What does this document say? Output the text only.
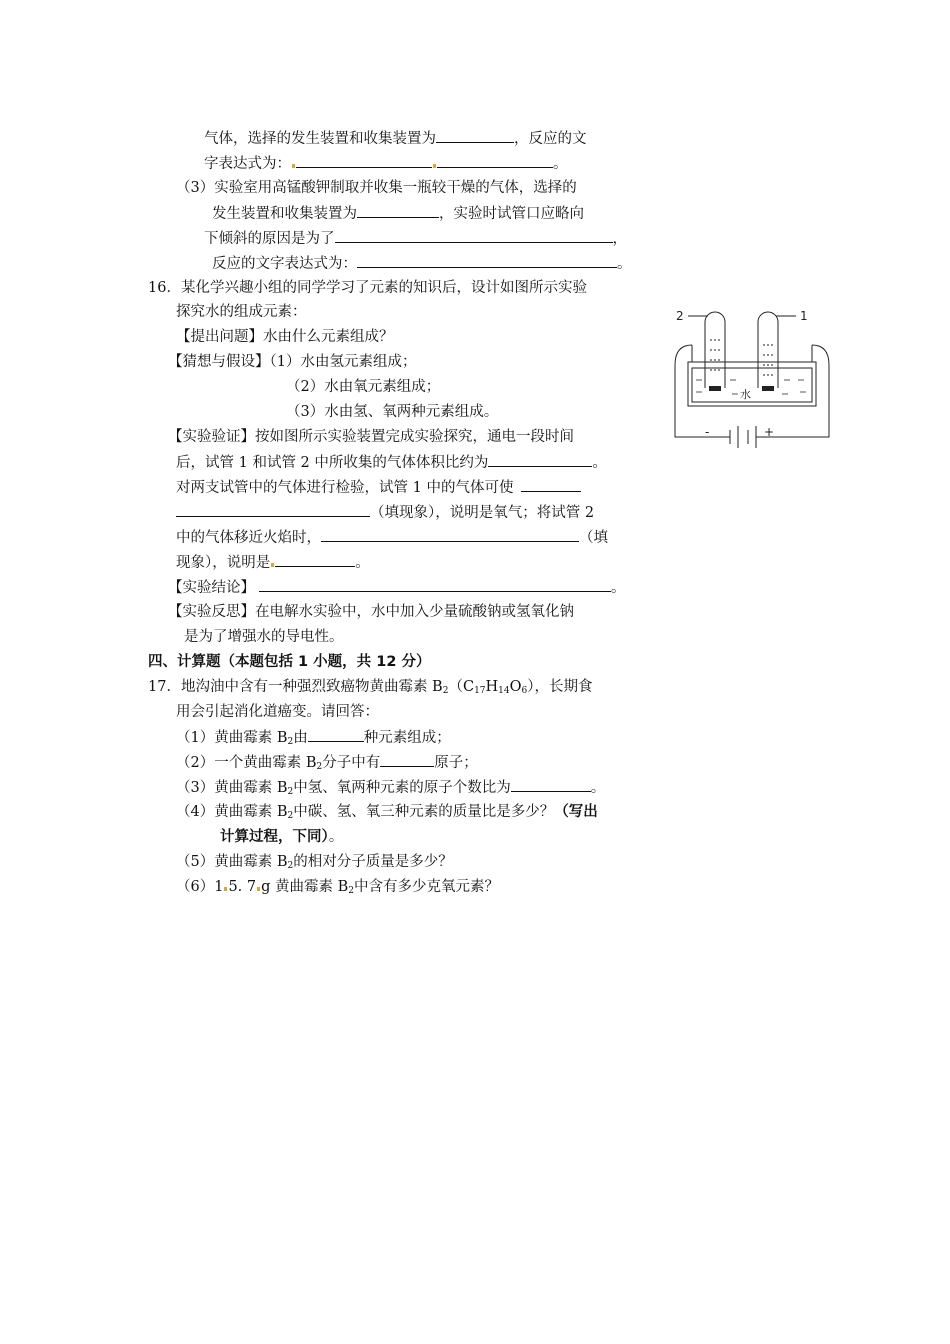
气体，选择的发生装置和收集装置为	，反应的文
字表达式为：	。
（3）实验室用高锰酸钾制取并收集一瓶较干燥的气体，选择的
发生装置和收集装置为	，实验时试管口应略向
下倾斜的原因是为了	，
反应的文字表达式为：	。
16．某化学兴趣小组的同学学习了元素的知识后，设计如图所示实验
探究水的组成元素：
【提出问题】水由什么元素组成？
【猜想与假设】（1）水由氢元素组成；
（2）水由氧元素组成；
（3）水由氢、氧两种元素组成。
【实验验证】按如图所示实验装置完成实验探究，通电一段时间
后，试管 1 和试管 2 中所收集的气体体积比约为	。
对两支试管中的气体进行检验，试管 1 中的气体可使
（填现象），说明是氧气；将试管 2
中的气体移近火焰时，	（填
现象），说明是	。
【实验结论】	。
【实验反思】在电解水实验中，水中加入少量硫酸钠或氢氧化钠
是为了增强水的导电性。
2	1
水
-	+
四、计算题（本题包括 1 小题，共 12 分）
17．地沟油中含有一种强烈致癌物黄曲霉素 $B_2(C_{17}H_{14}O_6)$，长期食
用会引起消化道癌变。请回答：
（1）黄曲霉素 $B_2$由	种元素组成；
（2）一个黄曲霉素 $B_2$分子中有	原子；
（3）黄曲霉素 $B_2$中氢、氧两种元素的原子个数比为	。
（4）黄曲霉素 $B_2$中碳、氢、氧三种元素的质量比是多少？（写出
计算过程，下同）。
（5）黄曲霉素 $B_2$的相对分子质量是多少？
（6）1 5. 7 g 黄曲霉素 $B_2$中含有多少克氧元素？
